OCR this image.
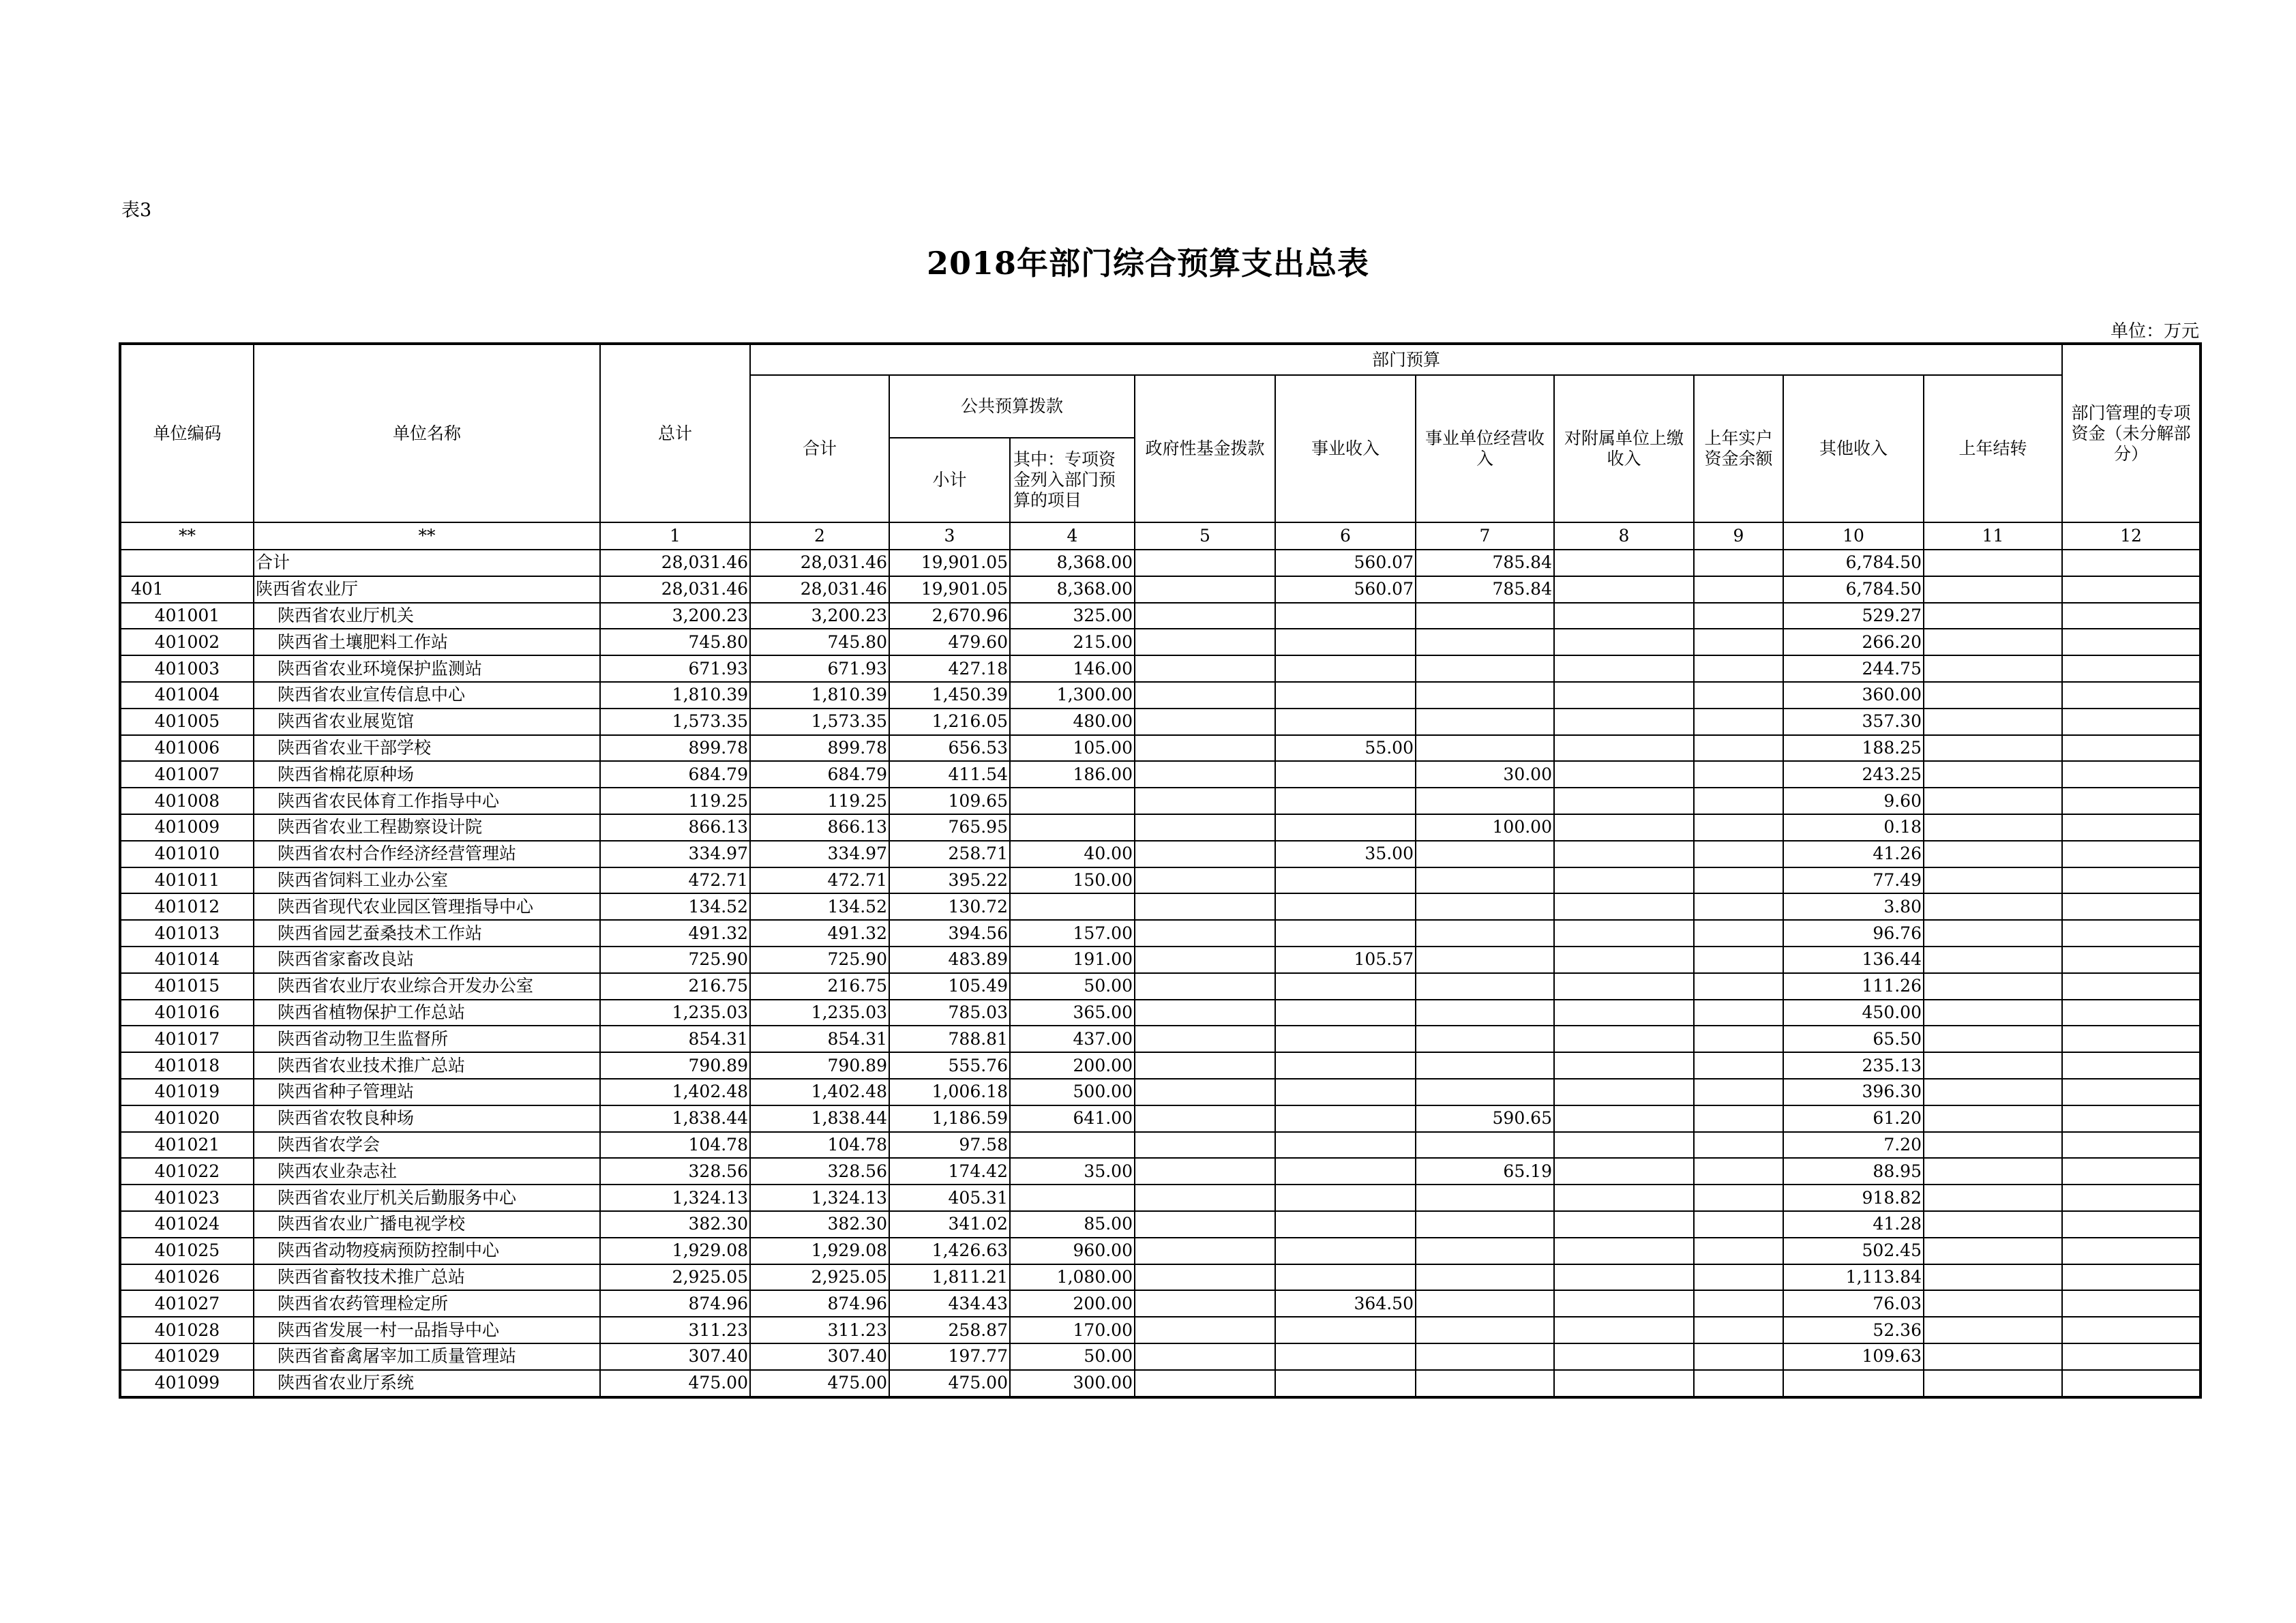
表3
2018年部门综合预算支出总表
单位：万元
单位编码	单位名称	总计	部门预算										部门管理的专项资金（未分解部分）
			合计	公共预算拨款		政府性基金拨款	事业收入	事业单位经营收入	对附属单位上缴收入	上年实户资金余额	其他收入	上年结转	
				小计	其中：专项资金列入部门预算的项目								

**	**	1	2	3	4	5	6	7	8	9	10	11	12
	合计	28,031.46	28,031.46	19,901.05	8,368.00		560.07	785.84			6,784.50		
401	陕西省农业厅	28,031.46	28,031.46	19,901.05	8,368.00		560.07	785.84			6,784.50		
401001	陕西省农业厅机关	3,200.23	3,200.23	2,670.96	325.00						529.27		
401002	陕西省土壤肥料工作站	745.80	745.80	479.60	215.00						266.20		
401003	陕西省农业环境保护监测站	671.93	671.93	427.18	146.00						244.75		
401004	陕西省农业宣传信息中心	1,810.39	1,810.39	1,450.39	1,300.00						360.00		
401005	陕西省农业展览馆	1,573.35	1,573.35	1,216.05	480.00						357.30		
401006	陕西省农业干部学校	899.78	899.78	656.53	105.00		55.00				188.25		
401007	陕西省棉花原种场	684.79	684.79	411.54	186.00			30.00			243.25		
401008	陕西省农民体育工作指导中心	119.25	119.25	109.65							9.60		
401009	陕西省农业工程勘察设计院	866.13	866.13	765.95				100.00			0.18		
401010	陕西省农村合作经济经营管理站	334.97	334.97	258.71	40.00		35.00				41.26		
401011	陕西省饲料工业办公室	472.71	472.71	395.22	150.00						77.49		
401012	陕西省现代农业园区管理指导中心	134.52	134.52	130.72							3.80		
401013	陕西省园艺蚕桑技术工作站	491.32	491.32	394.56	157.00						96.76		
401014	陕西省家畜改良站	725.90	725.90	483.89	191.00		105.57				136.44		
401015	陕西省农业厅农业综合开发办公室	216.75	216.75	105.49	50.00						111.26		
401016	陕西省植物保护工作总站	1,235.03	1,235.03	785.03	365.00						450.00		
401017	陕西省动物卫生监督所	854.31	854.31	788.81	437.00						65.50		
401018	陕西省农业技术推广总站	790.89	790.89	555.76	200.00						235.13		
401019	陕西省种子管理站	1,402.48	1,402.48	1,006.18	500.00						396.30		
401020	陕西省农牧良种场	1,838.44	1,838.44	1,186.59	641.00			590.65			61.20		
401021	陕西省农学会	104.78	104.78	97.58							7.20		
401022	陕西农业杂志社	328.56	328.56	174.42	35.00			65.19			88.95		
401023	陕西省农业厅机关后勤服务中心	1,324.13	1,324.13	405.31							918.82		
401024	陕西省农业广播电视学校	382.30	382.30	341.02	85.00						41.28		
401025	陕西省动物疫病预防控制中心	1,929.08	1,929.08	1,426.63	960.00						502.45		
401026	陕西省畜牧技术推广总站	2,925.05	2,925.05	1,811.21	1,080.00						1,113.84		
401027	陕西省农药管理检定所	874.96	874.96	434.43	200.00		364.50				76.03		
401028	陕西省发展一村一品指导中心	311.23	311.23	258.87	170.00						52.36		
401029	陕西省畜禽屠宰加工质量管理站	307.40	307.40	197.77	50.00						109.63		
401099	陕西省农业厅系统	475.00	475.00	475.00	300.00								
